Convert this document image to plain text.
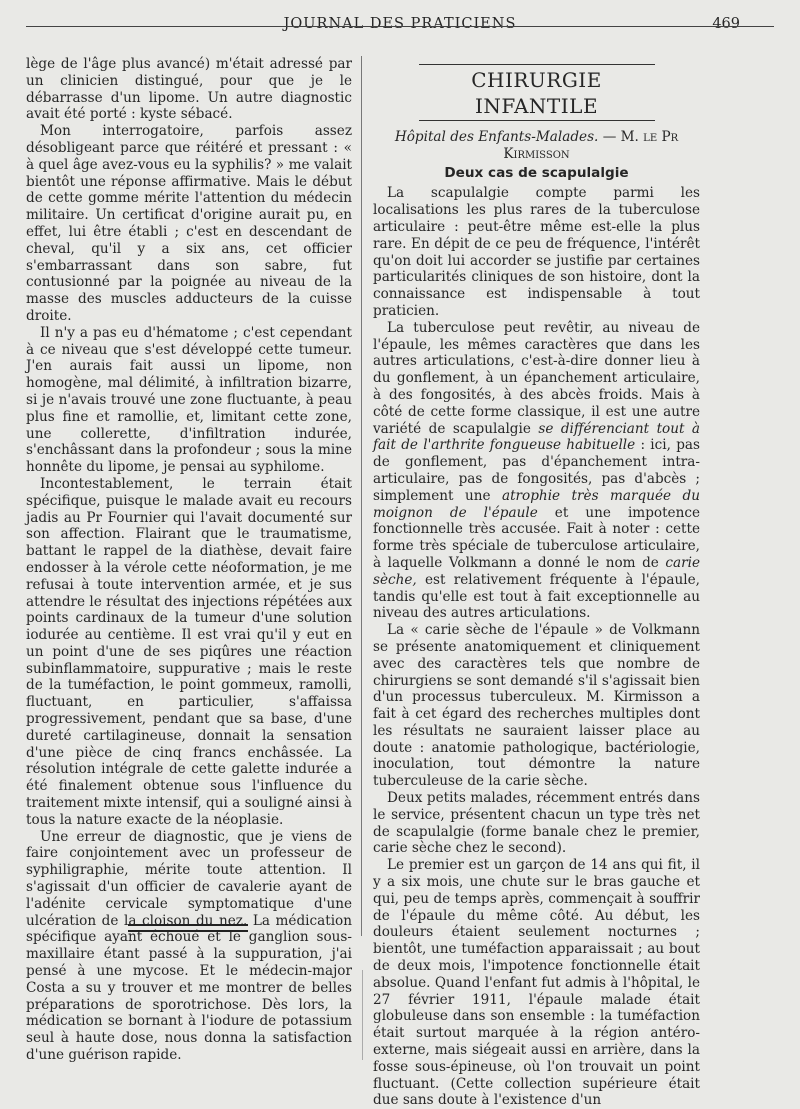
JOURNAL DES PRATICIENS	469

lège de l'âge plus avancé) m'était adressé par un clinicien distingué, pour que je le débarrasse d'un lipome. Un autre diagnostic avait été porté : kyste sébacé.

Mon interrogatoire, parfois assez désobligeant parce que réitéré et pressant : « à quel âge avez-vous eu la syphilis? » me valait bientôt une réponse affirmative. Mais le début de cette gomme mérite l'attention du médecin militaire. Un certificat d'origine aurait pu, en effet, lui être établi ; c'est en descendant de cheval, qu'il y a six ans, cet officier s'embarrassant dans son sabre, fut contusionné par la poignée au niveau de la masse des muscles adducteurs de la cuisse droite.

Il n'y a pas eu d'hématome ; c'est cependant à ce niveau que s'est développé cette tumeur. J'en aurais fait aussi un lipome, non homogène, mal délimité, à infiltration bizarre, si je n'avais trouvé une zone fluctuante, à peau plus fine et ramollie, et, limitant cette zone, une collerette, d'infiltration indurée, s'enchâssant dans la profondeur ; sous la mine honnête du lipome, je pensai au syphilome.

Incontestablement, le terrain était spécifique, puisque le malade avait eu recours jadis au Pr Fournier qui l'avait documenté sur son affection. Flairant que le traumatisme, battant le rappel de la diathèse, devait faire endosser à la vérole cette néoformation, je me refusai à toute intervention armée, et je sus attendre le résultat des injections répétées aux points cardinaux de la tumeur d'une solution iodurée au centième. Il est vrai qu'il y eut en un point d'une de ses piqûres une réaction subinflammatoire, suppurative ; mais le reste de la tuméfaction, le point gommeux, ramolli, fluctuant, en particulier, s'affaissa progressivement, pendant que sa base, d'une dureté cartilagineuse, donnait la sensation d'une pièce de cinq francs enchâssée. La résolution intégrale de cette galette indurée a été finalement obtenue sous l'influence du traitement mixte intensif, qui a souligné ainsi à tous la nature exacte de la néoplasie.

Une erreur de diagnostic, que je viens de faire conjointement avec un professeur de syphiligraphie, mérite toute attention. Il s'agissait d'un officier de cavalerie ayant de l'adénite cervicale symptomatique d'une ulcération de la cloison du nez. La médication spécifique ayant échoué et le ganglion sous-maxillaire étant passé à la suppuration, j'ai pensé à une mycose. Et le médecin-major Costa a su y trouver et me montrer de belles préparations de sporotrichose. Dès lors, la médication se bornant à l'iodure de potassium seul à haute dose, nous donna la satisfaction d'une guérison rapide.

CHIRURGIE INFANTILE
Hôpital des Enfants-Malades. — M. le Pr Kirmisson
Deux cas de scapulalgie

La scapulalgie compte parmi les localisations les plus rares de la tuberculose articulaire : peut-être même est-elle la plus rare. En dépit de ce peu de fréquence, l'intérêt qu'on doit lui accorder se justifie par certaines particularités cliniques de son histoire, dont la connaissance est indispensable à tout praticien.

La tuberculose peut revêtir, au niveau de l'épaule, les mêmes caractères que dans les autres articulations, c'est-à-dire donner lieu à du gonflement, à un épanchement articulaire, à des fongosités, à des abcès froids. Mais à côté de cette forme classique, il est une autre variété de scapulalgie se différenciant tout à fait de l'arthrite fongueuse habituelle : ici, pas de gonflement, pas d'épanchement intra-articulaire, pas de fongosités, pas d'abcès ; simplement une atrophie très marquée du moignon de l'épaule et une impotence fonctionnelle très accusée. Fait à noter : cette forme très spéciale de tuberculose articulaire, à laquelle Volkmann a donné le nom de carie sèche, est relativement fréquente à l'épaule, tandis qu'elle est tout à fait exceptionnelle au niveau des autres articulations.

La « carie sèche de l'épaule » de Volkmann se présente anatomiquement et cliniquement avec des caractères tels que nombre de chirurgiens se sont demandé s'il s'agissait bien d'un processus tuberculeux. M. Kirmisson a fait à cet égard des recherches multiples dont les résultats ne sauraient laisser place au doute : anatomie pathologique, bactériologie, inoculation, tout démontre la nature tuberculeuse de la carie sèche.

Deux petits malades, récemment entrés dans le service, présentent chacun un type très net de scapulalgie (forme banale chez le premier, carie sèche chez le second).

Le premier est un garçon de 14 ans qui fit, il y a six mois, une chute sur le bras gauche et qui, peu de temps après, commençait à souffrir de l'épaule du même côté. Au début, les douleurs étaient seulement nocturnes ; bientôt, une tuméfaction apparaissait ; au bout de deux mois, l'impotence fonctionnelle était absolue. Quand l'enfant fut admis à l'hôpital, le 27 février 1911, l'épaule malade était globuleuse dans son ensemble : la tuméfaction était surtout marquée à la région antéro-externe, mais siégeait aussi en arrière, dans la fosse sous-épineuse, où l'on trouvait un point fluctuant. (Cette collection supérieure était due sans doute à l'existence d'un
